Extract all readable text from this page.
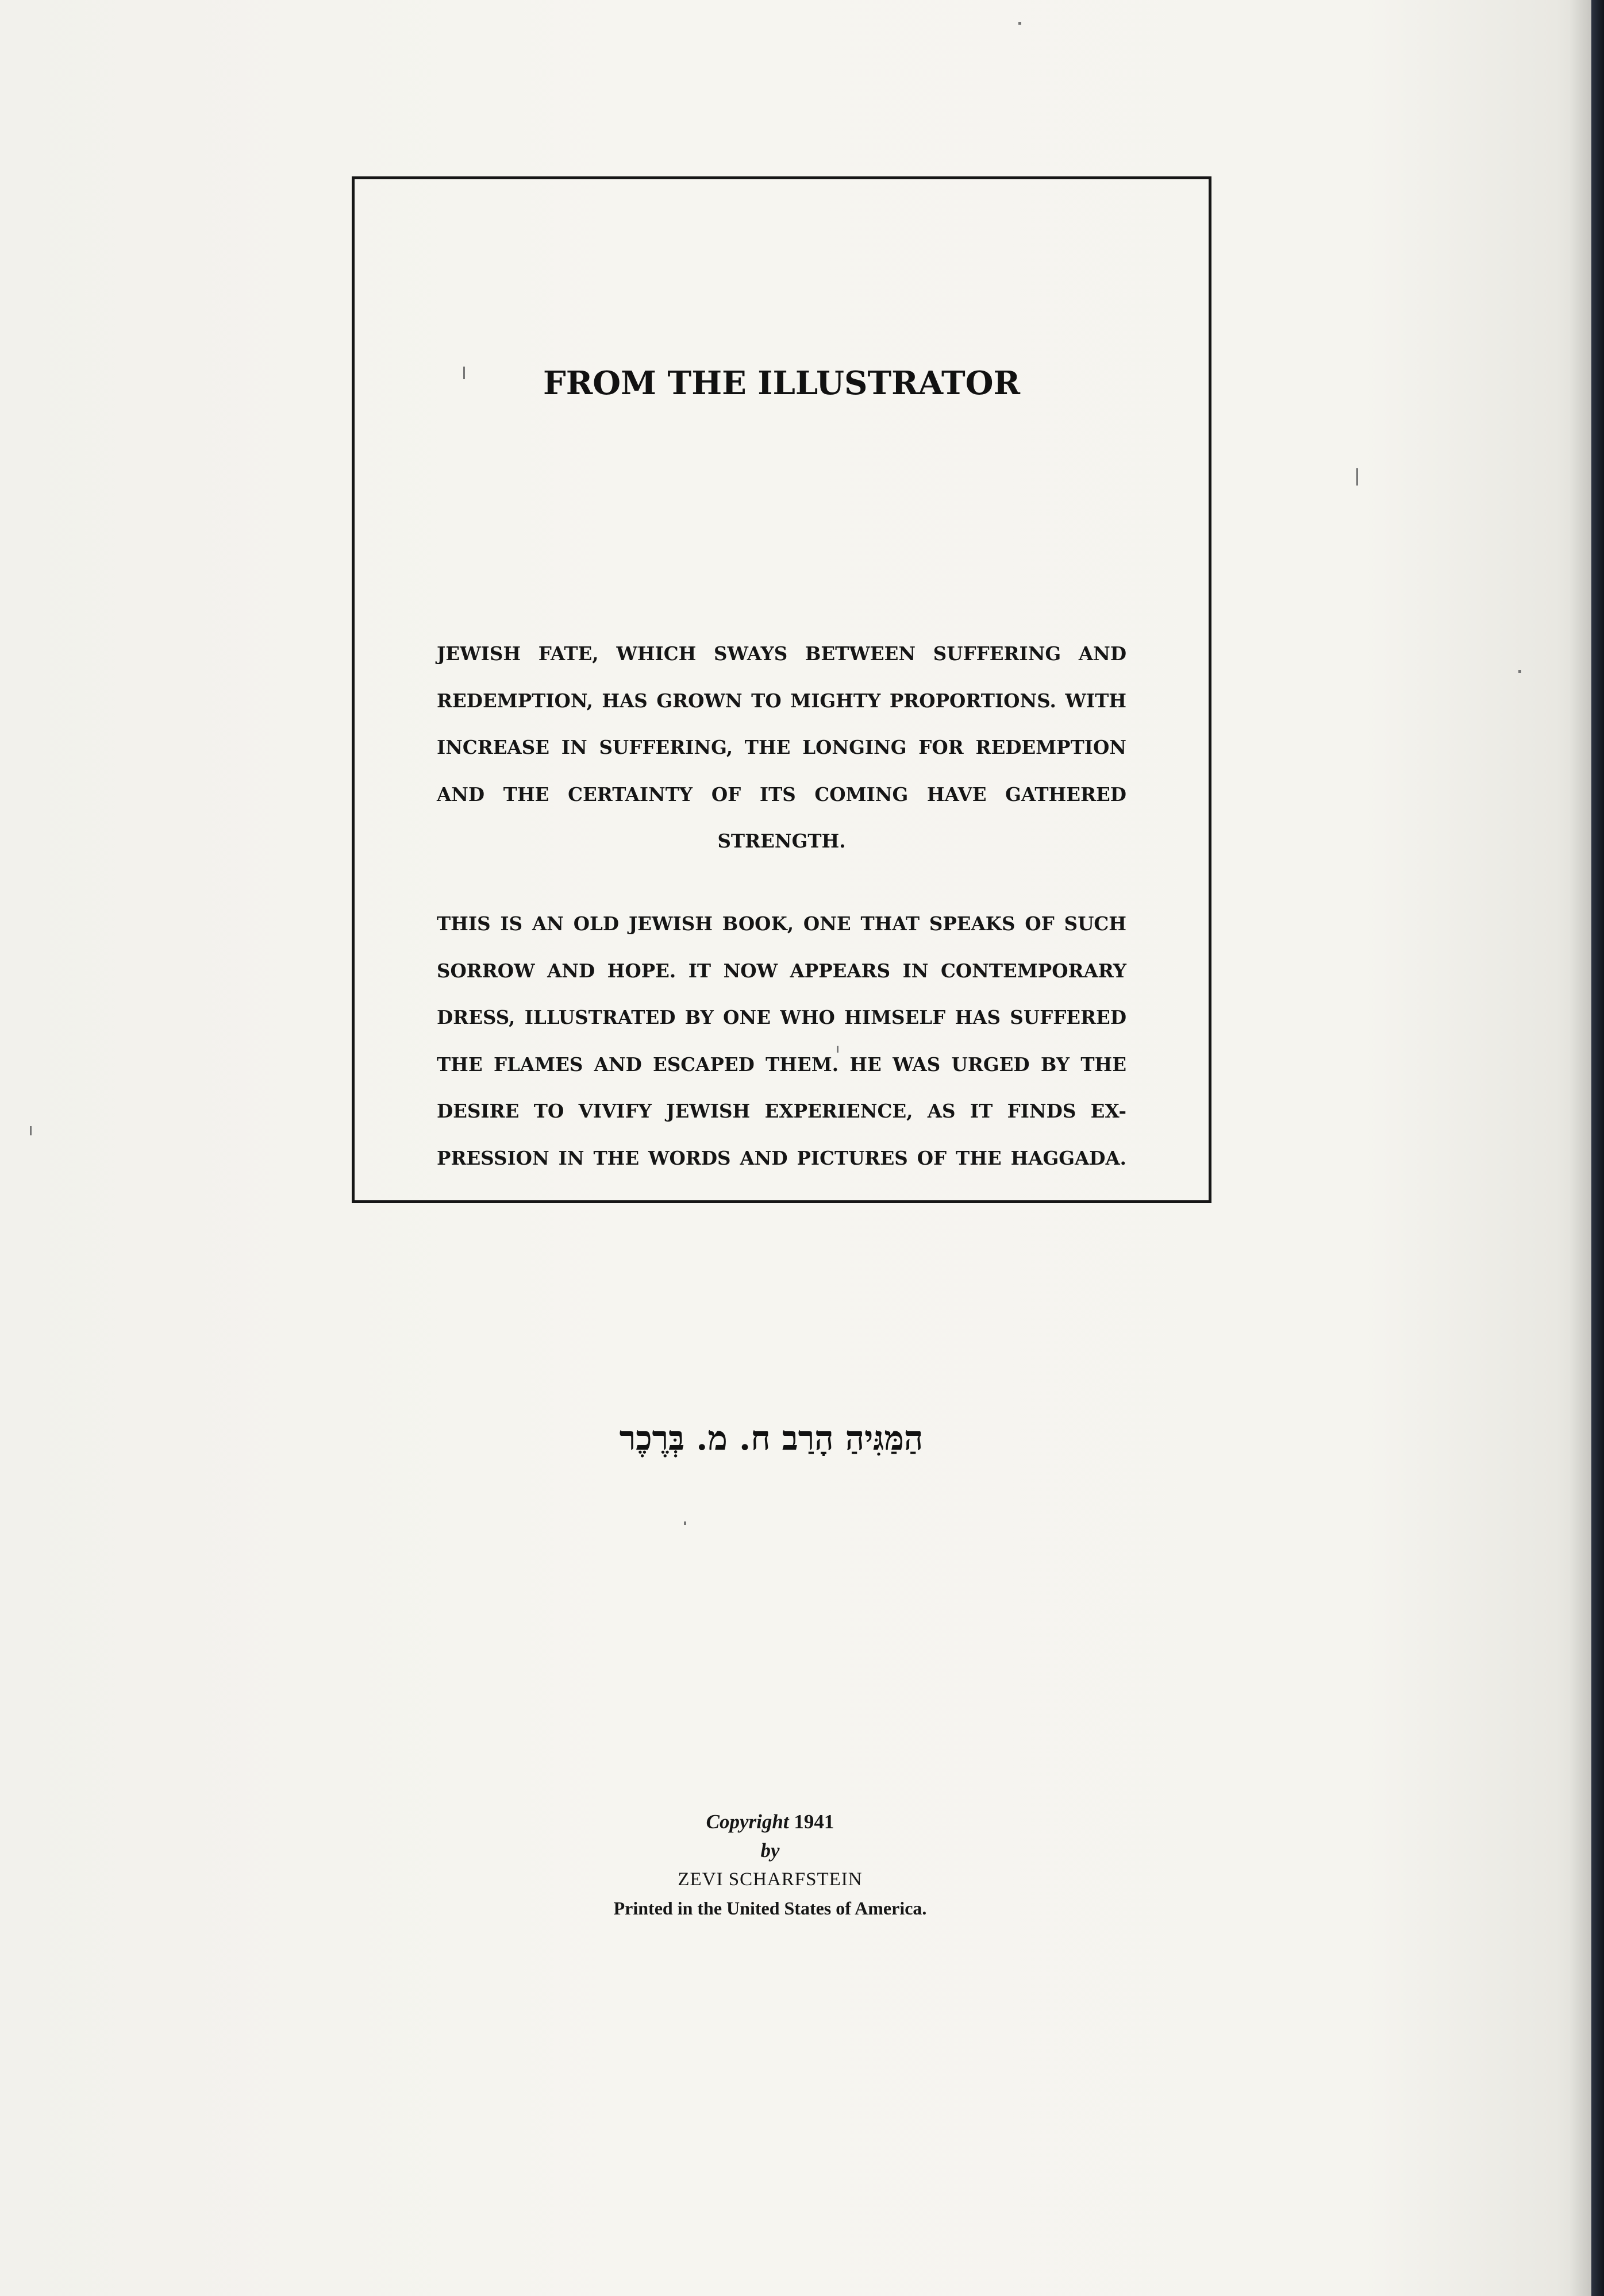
FROM THE ILLUSTRATOR

JEWISH FATE, WHICH SWAYS BETWEEN SUFFERING AND
REDEMPTION, HAS GROWN TO MIGHTY PROPORTIONS. WITH
INCREASE IN SUFFERING, THE LONGING FOR REDEMPTION
AND THE CERTAINTY OF ITS COMING HAVE GATHERED
STRENGTH.

THIS IS AN OLD JEWISH BOOK, ONE THAT SPEAKS OF SUCH
SORROW AND HOPE. IT NOW APPEARS IN CONTEMPORARY
DRESS, ILLUSTRATED BY ONE WHO HIMSELF HAS SUFFERED
THE FLAMES AND ESCAPED THEM. HE WAS URGED BY THE
DESIRE TO VIVIFY JEWISH EXPERIENCE, AS IT FINDS EX-
PRESSION IN THE WORDS AND PICTURES OF THE HAGGADA.

הַמַּגִּיהַ הָרַב ח. מ. בְּרֶכֶר

Copyright 1941
by
ZEVI SCHARFSTEIN
Printed in the United States of America.
